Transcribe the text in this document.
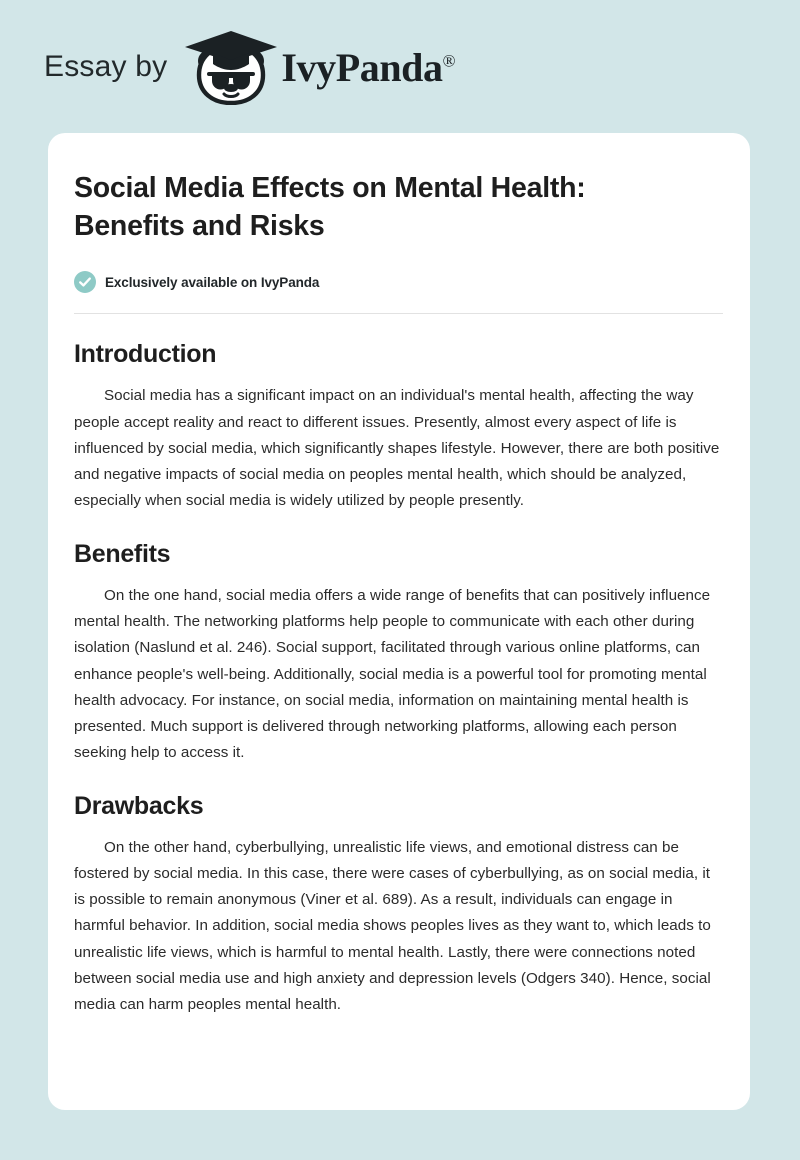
Essay by	IvyPanda®
Social Media Effects on Mental Health: Benefits and Risks
Exclusively available on IvyPanda
Introduction

Social media has a significant impact on an individual's mental health, affecting the way people accept reality and react to different issues. Presently, almost every aspect of life is influenced by social media, which significantly shapes lifestyle. However, there are both positive and negative impacts of social media on peoples mental health, which should be analyzed, especially when social media is widely utilized by people presently.

Benefits

On the one hand, social media offers a wide range of benefits that can positively influence mental health. The networking platforms help people to communicate with each other during isolation (Naslund et al. 246). Social support, facilitated through various online platforms, can enhance people's well-being. Additionally, social media is a powerful tool for promoting mental health advocacy. For instance, on social media, information on maintaining mental health is presented. Much support is delivered through networking platforms, allowing each person seeking help to access it.

Drawbacks

On the other hand, cyberbullying, unrealistic life views, and emotional distress can be fostered by social media. In this case, there were cases of cyberbullying, as on social media, it is possible to remain anonymous (Viner et al. 689). As a result, individuals can engage in harmful behavior. In addition, social media shows peoples lives as they want to, which leads to unrealistic life views, which is harmful to mental health. Lastly, there were connections noted between social media use and high anxiety and depression levels (Odgers 340). Hence, social media can harm peoples mental health.
